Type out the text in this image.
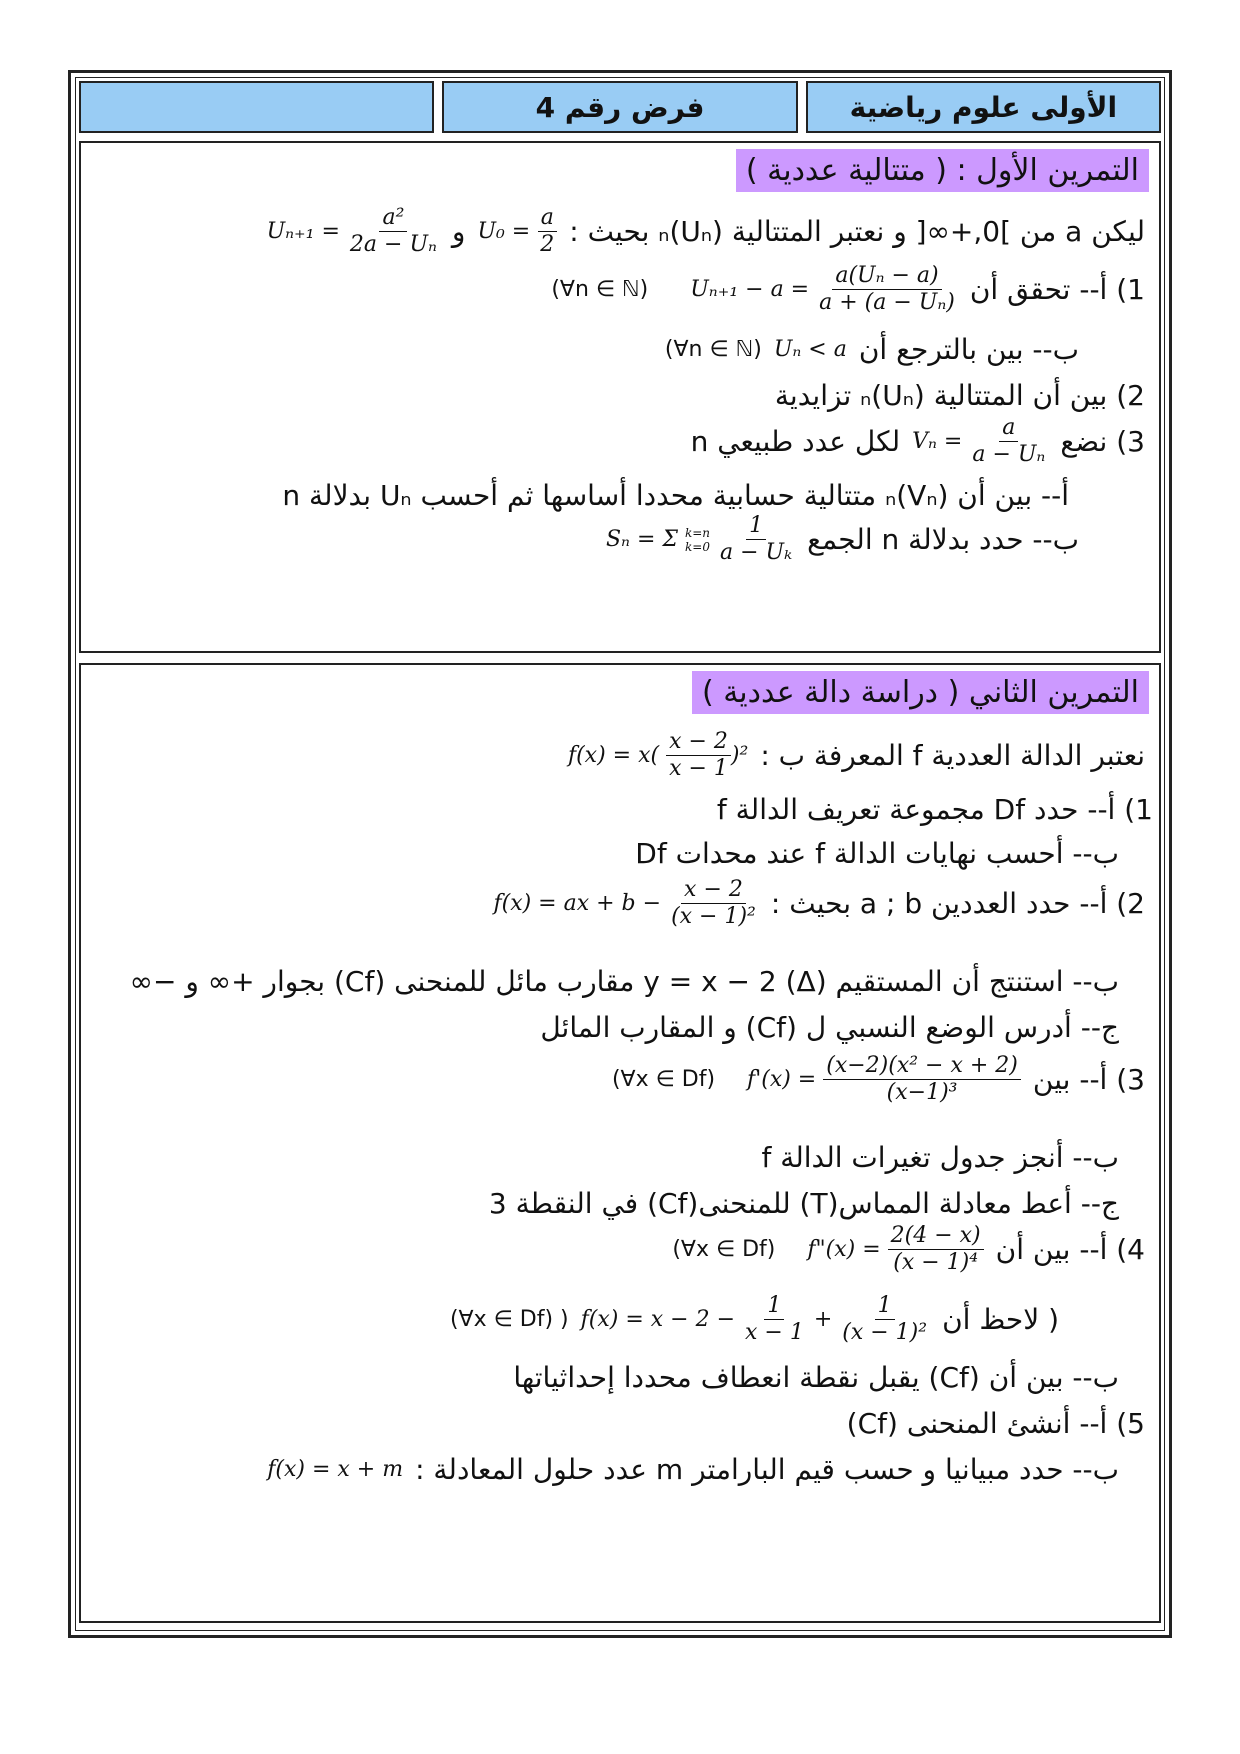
الأولى علوم رياضية
فرض رقم 4
التمرين الأول : ( متتالية عددية )
ليكن a من ]0,+∞[ و نعتبر المتتالية (Uₙ)ₙ بحيث :
$U_0 = \frac{a}{2}$
و
$U_{n+1} = \frac{\text{a²}}{\text{2a − Uₙ}}$
1) أ-- تحقق أن
$U_{n+1} - a = \frac{\text{a(Uₙ − a)}}{\text{a + (a − Uₙ)}}$
(∀n ∈ ℕ)
ب-- بين بالترجع أن
Uₙ < a
(∀n ∈ ℕ)
2) بين أن المتتالية (Uₙ)ₙ تزايدية
3) نضع
$V_n = \frac{a}{\text{a − Uₙ}}$
لكل عدد طبيعي n
أ-- بين أن (Vₙ)ₙ متتالية حسابية محددا أساسها ثم أحسب Uₙ بدلالة n
ب-- حدد بدلالة n الجمع
Sₙ = Σ k=n
k=0
$\frac{1}{\text{a − Uₖ}}$
التمرين الثاني ( دراسة دالة عددية )
نعتبر الدالة العددية f المعرفة ب :
$f(x) = x( \frac{x - 2}{x - 1} )^2$
1) أ-- حدد Df مجموعة تعريف الدالة f
ب-- أحسب نهايات الدالة f عند محدات Df
2) أ-- حدد العددين a ; b بحيث :
f(x) = ax + $b - \frac{x - 2}{\text{(x − 1)²}}$
ب-- استنتج أن المستقيم y = x − 2 (Δ) مقارب مائل للمنحنى (Cf) بجوار +∞ و −∞
ج-- أدرس الوضع النسبي ل (Cf) و المقارب المائل
3) أ-- بين
$f'(x) = \frac{\text{(x−2)(x² − x + 2)}}{\text{(x−1)³}}$
(∀x ∈ Df)
ب-- أنجز جدول تغيرات الدالة f
ج-- أعط معادلة المماس(T) للمنحنى(Cf) في النقطة 3
4) أ-- بين أن
f"(x) = $\frac{2(4 - x)}{\text{(x − 1)⁴}}$
(∀x ∈ Df)
( لاحظ أن
$f(x) = x - 2 - \frac{1}{x - 1} + \frac{1}{\text{(x − 1)²}}$
(∀x ∈ Df) )
ب-- بين أن (Cf) يقبل نقطة انعطاف محددا إحداثياتها
5) أ-- أنشئ المنحنى (Cf)
ب-- حدد مبيانيا و حسب قيم البارامتر m عدد حلول المعادلة :
f(x) = x + m
